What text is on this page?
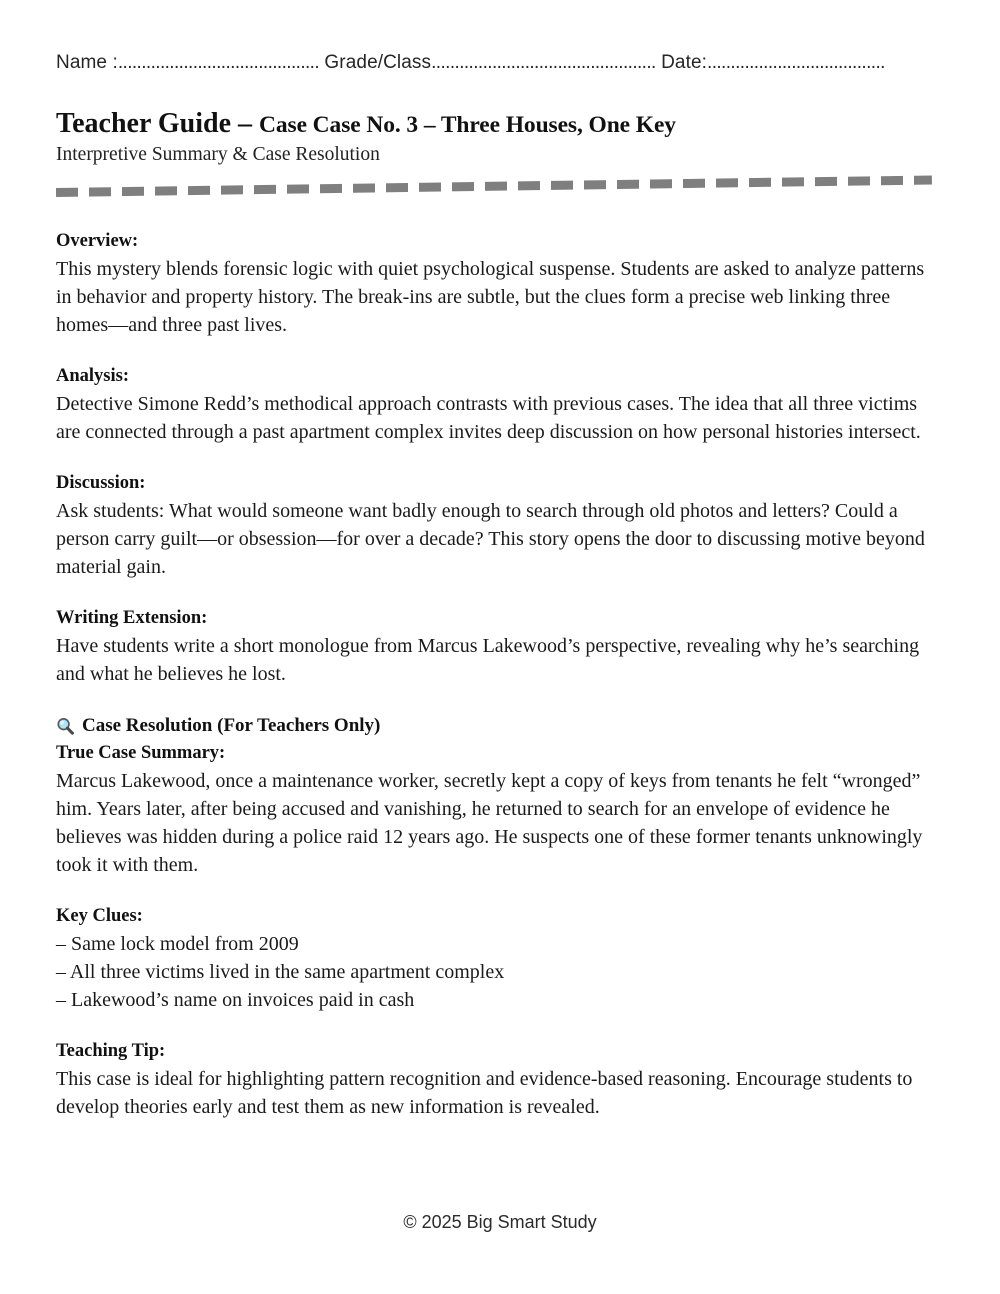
Name :........................................... Grade/Class................................................ Date:......................................
Teacher Guide – Case Case No. 3 – Three Houses, One Key
Interpretive Summary & Case Resolution
Overview:
This mystery blends forensic logic with quiet psychological suspense. Students are asked to analyze patterns in behavior and property history. The break-ins are subtle, but the clues form a precise web linking three homes—and three past lives.
Analysis:
Detective Simone Redd’s methodical approach contrasts with previous cases. The idea that all three victims are connected through a past apartment complex invites deep discussion on how personal histories intersect.
Discussion:
Ask students: What would someone want badly enough to search through old photos and letters? Could a person carry guilt—or obsession—for over a decade? This story opens the door to discussing motive beyond material gain.
Writing Extension:
Have students write a short monologue from Marcus Lakewood’s perspective, revealing why he’s searching and what he believes he lost.
Case Resolution (For Teachers Only)
True Case Summary:
Marcus Lakewood, once a maintenance worker, secretly kept a copy of keys from tenants he felt “wronged” him. Years later, after being accused and vanishing, he returned to search for an envelope of evidence he believes was hidden during a police raid 12 years ago. He suspects one of these former tenants unknowingly took it with them.
Key Clues:
– Same lock model from 2009
– All three victims lived in the same apartment complex
– Lakewood’s name on invoices paid in cash
Teaching Tip:
This case is ideal for highlighting pattern recognition and evidence-based reasoning. Encourage students to develop theories early and test them as new information is revealed.
© 2025 Big Smart Study
